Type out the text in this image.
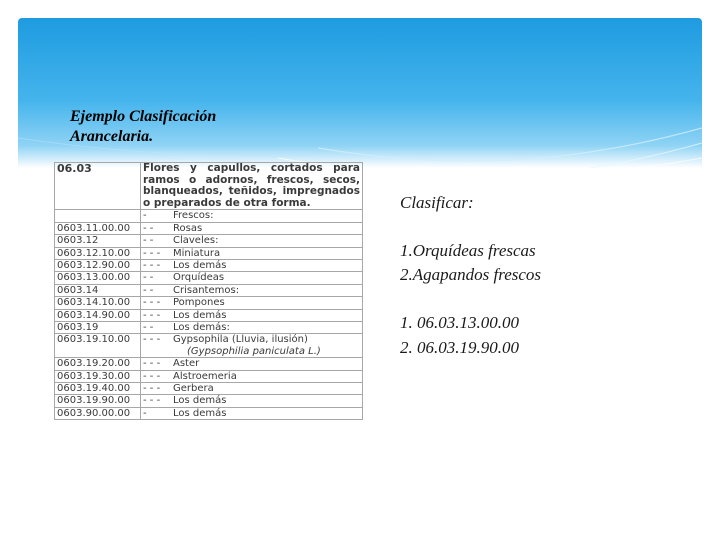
Ejemplo Clasificación
Arancelaria.
06.03	Flores y capullos, cortados para ramos o adornos, frescos, secos, blanqueados, teñidos, impregnados o preparados de otra forma.
	- Frescos:
0603.11.00.00	- - Rosas
0603.12	- - Claveles:
0603.12.10.00	- - - Miniatura
0603.12.90.00	- - - Los demás
0603.13.00.00	- - Orquídeas
0603.14	- - Crisantemos:
0603.14.10.00	- - - Pompones
0603.14.90.00	- - - Los demás
0603.19	- - Los demás:
0603.19.10.00	- - - Gypsophila (Lluvia, ilusión)
(Gypsophilia paniculata L.)

0603.19.20.00	- - - Aster
0603.19.30.00	- - - Alstroemeria
0603.19.40.00	- - - Gerbera
0603.19.90.00	- - - Los demás
0603.90.00.00	- Los demás
Clasificar:
1.Orquídeas frescas
2.Agapandos frescos
1. 06.03.13.00.00
2. 06.03.19.90.00
